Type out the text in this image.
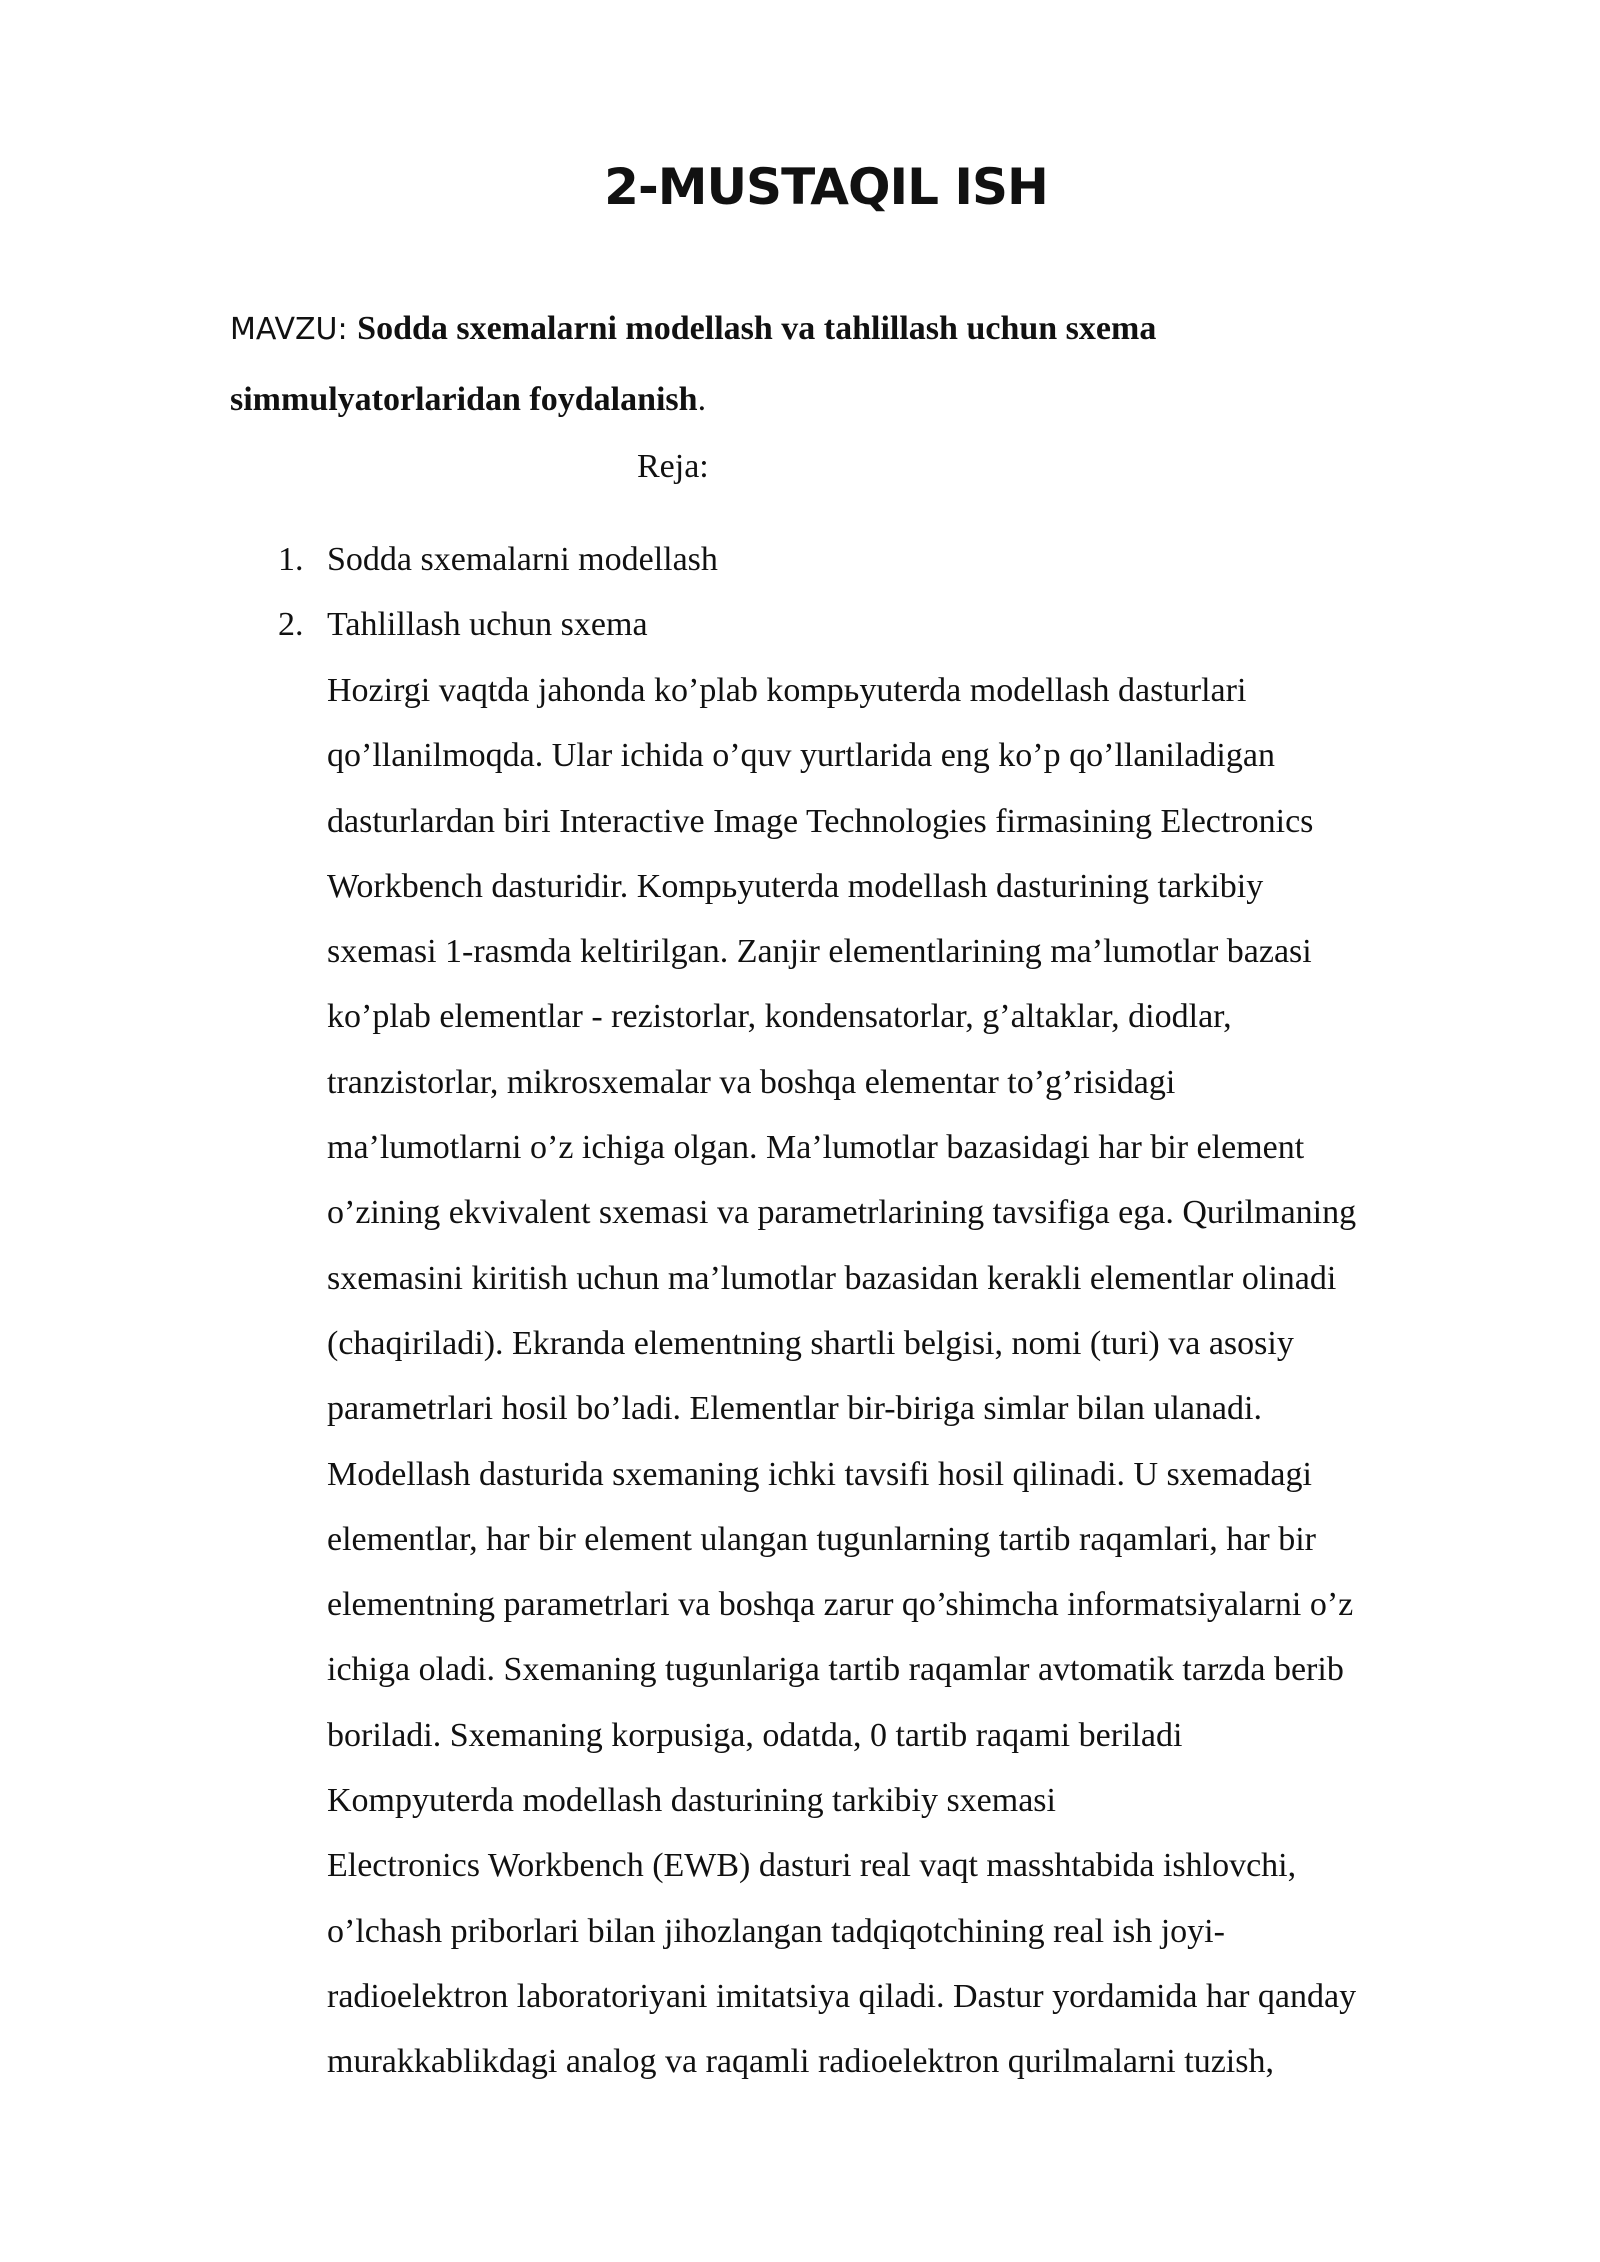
2-MUSTAQIL ISH

MAVZU: Sodda sxemalarni modellash va tahlillash uchun sxema
simmulyatorlaridan foydalanish.

Reja:

1. Sodda sxemalarni modellash
2. Tahlillash uchun sxema
Hozirgi vaqtda jahonda ko’plab kompьyuterda modellash dasturlari
qo’llanilmoqda. Ular ichida o’quv yurtlarida eng ko’p qo’llaniladigan
dasturlardan biri Interactive Image Technologies firmasining Electronics
Workbench dasturidir. Kompьyuterda modellash dasturining tarkibiy
sxemasi 1-rasmda keltirilgan. Zanjir elementlarining ma’lumotlar bazasi
ko’plab elementlar - rezistorlar, kondensatorlar, g’altaklar, diodlar,
tranzistorlar, mikrosxemalar va boshqa elementar to’g’risidagi
ma’lumotlarni o’z ichiga olgan. Ma’lumotlar bazasidagi har bir element
o’zining ekvivalent sxemasi va parametrlarining tavsifiga ega. Qurilmaning
sxemasini kiritish uchun ma’lumotlar bazasidan kerakli elementlar olinadi
(chaqiriladi). Ekranda elementning shartli belgisi, nomi (turi) va asosiy
parametrlari hosil bo’ladi. Elementlar bir-biriga simlar bilan ulanadi.
Modellash dasturida sxemaning ichki tavsifi hosil qilinadi. U sxemadagi
elementlar, har bir element ulangan tugunlarning tartib raqamlari, har bir
elementning parametrlari va boshqa zarur qo’shimcha informatsiyalarni o’z
ichiga oladi. Sxemaning tugunlariga tartib raqamlar avtomatik tarzda berib
boriladi. Sxemaning korpusiga, odatda, 0 tartib raqami beriladi
Kompyuterda modellash dasturining tarkibiy sxemasi
Electronics Workbench (EWB) dasturi real vaqt masshtabida ishlovchi,
o’lchash priborlari bilan jihozlangan tadqiqotchining real ish joyi-
radioelektron laboratoriyani imitatsiya qiladi. Dastur yordamida har qanday
murakkablikdagi analog va raqamli radioelektron qurilmalarni tuzish,
